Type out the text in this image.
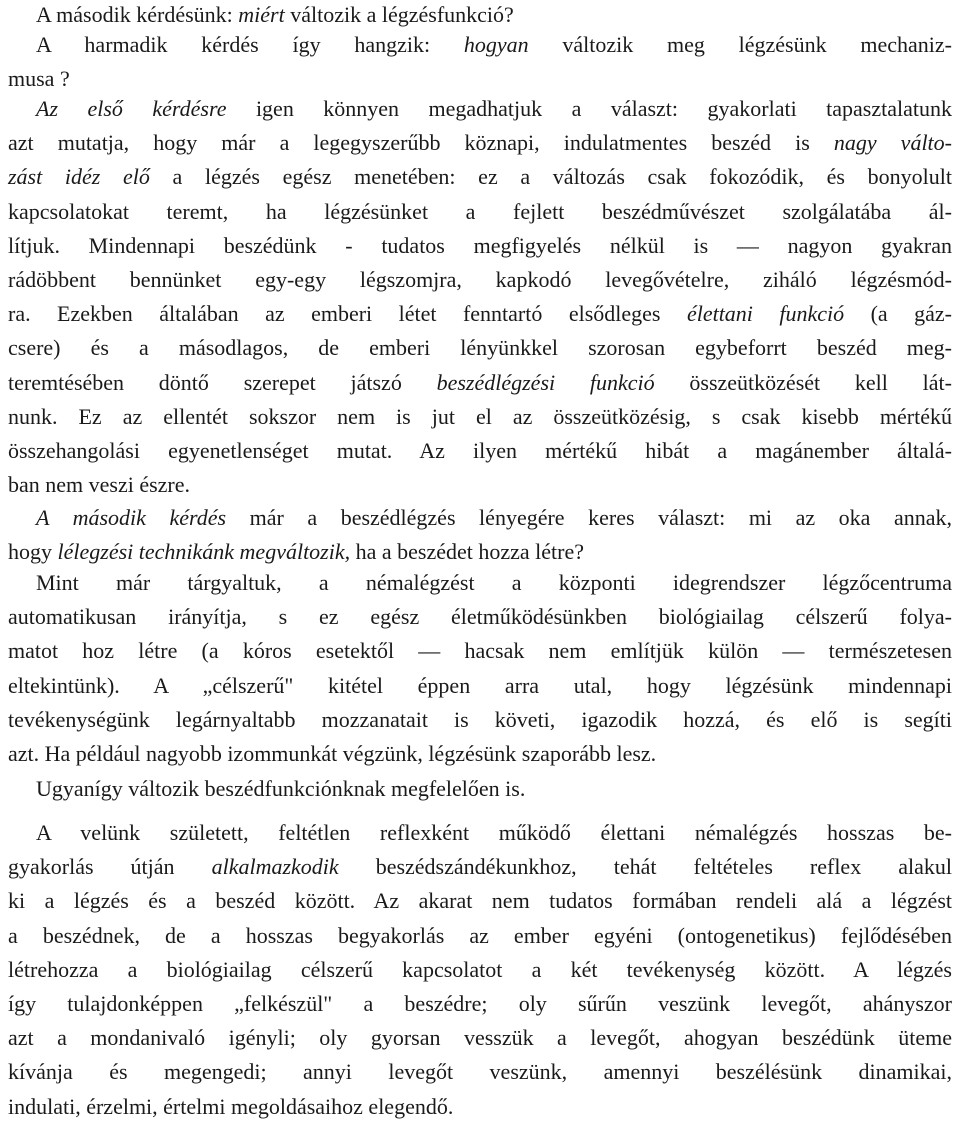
A második kérdésünk: miért változik a légzésfunkció?
A harmadik kérdés így hangzik: hogyan változik meg légzésünk mechaniz-
musa ?
Az első kérdésre igen könnyen megadhatjuk a választ: gyakorlati tapasztalatunk
azt mutatja, hogy már a legegyszerűbb köznapi, indulatmentes beszéd is nagy válto-
zást idéz elő a légzés egész menetében: ez a változás csak fokozódik, és bonyolult
kapcsolatokat teremt, ha légzésünket a fejlett beszédművészet szolgálatába ál-
lítjuk. Mindennapi beszédünk - tudatos megfigyelés nélkül is — nagyon gyakran
rádöbbent bennünket egy-egy légszomjra, kapkodó levegővételre, ziháló légzésmód-
ra. Ezekben általában az emberi létet fenntartó elsődleges élettani funkció (a gáz-
csere) és a másodlagos, de emberi lényünkkel szorosan egybeforrt beszéd meg-
teremtésében döntő szerepet játszó beszédlégzési funkció összeütközését kell lát-
nunk. Ez az ellentét sokszor nem is jut el az összeütközésig, s csak kisebb mértékű
összehangolási egyenetlenséget mutat. Az ilyen mértékű hibát a magánember általá-
ban nem veszi észre.
A második kérdés már a beszédlégzés lényegére keres választ: mi az oka annak,
hogy lélegzési technikánk megváltozik, ha a beszédet hozza létre?
Mint már tárgyaltuk, a némalégzést a központi idegrendszer légzőcentruma
automatikusan irányítja, s ez egész életműködésünkben biológiailag célszerű folya-
matot hoz létre (a kóros esetektől — hacsak nem említjük külön — természetesen
eltekintünk). A „célszerű" kitétel éppen arra utal, hogy légzésünk mindennapi
tevékenységünk legárnyaltabb mozzanatait is követi, igazodik hozzá, és elő is segíti
azt. Ha például nagyobb izommunkát végzünk, légzésünk szaporább lesz.
Ugyanígy változik beszédfunkciónknak megfelelően is.
A velünk született, feltétlen reflexként működő élettani némalégzés hosszas be-
gyakorlás útján alkalmazkodik beszédszándékunkhoz, tehát feltételes reflex alakul
ki a légzés és a beszéd között. Az akarat nem tudatos formában rendeli alá a légzést
a beszédnek, de a hosszas begyakorlás az ember egyéni (ontogenetikus) fejlődésében
létrehozza a biológiailag célszerű kapcsolatot a két tevékenység között. A légzés
így tulajdonképpen „felkészül" a beszédre; oly sűrűn veszünk levegőt, ahányszor
azt a mondanivaló igényli; oly gyorsan vesszük a levegőt, ahogyan beszédünk üteme
kívánja és megengedi; annyi levegőt veszünk, amennyi beszélésünk dinamikai,
indulati, érzelmi, értelmi megoldásaihoz elegendő.
